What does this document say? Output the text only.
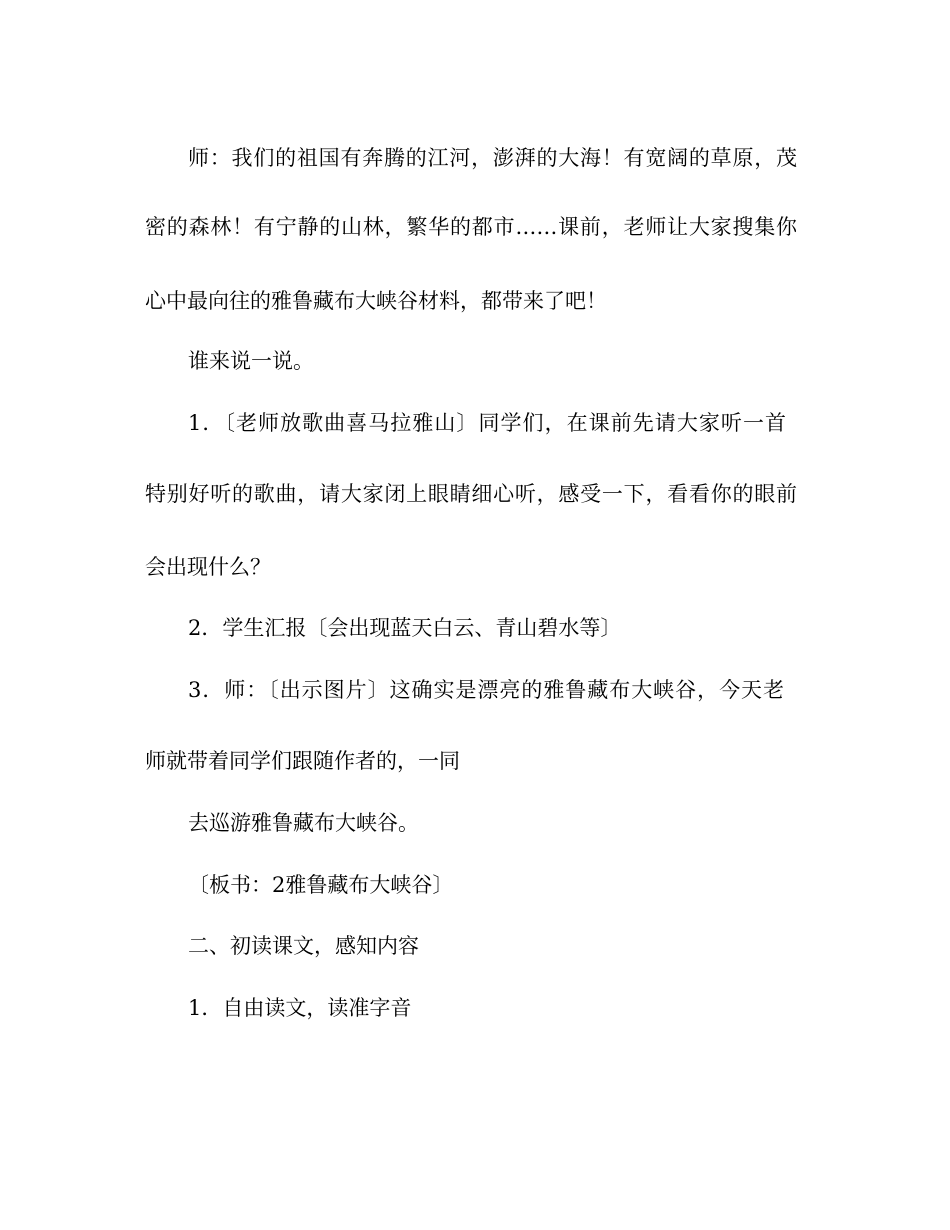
师：我们的祖国有奔腾的江河，澎湃的大海！有宽阔的草原，茂
密的森林！有宁静的山林，繁华的都市……课前，老师让大家搜集你
心中最向往的雅鲁藏布大峡谷材料，都带来了吧！
谁来说一说。
1．〔老师放歌曲喜马拉雅山〕同学们，在课前先请大家听一首
特别好听的歌曲，请大家闭上眼睛细心听，感受一下，看看你的眼前
会出现什么？
2．学生汇报〔会出现蓝天白云、青山碧水等〕
3．师：〔出示图片〕这确实是漂亮的雅鲁藏布大峡谷，今天老
师就带着同学们跟随作者的，一同
去巡游雅鲁藏布大峡谷。
〔板书：2雅鲁藏布大峡谷〕
二、初读课文，感知内容
1．自由读文，读准字音
